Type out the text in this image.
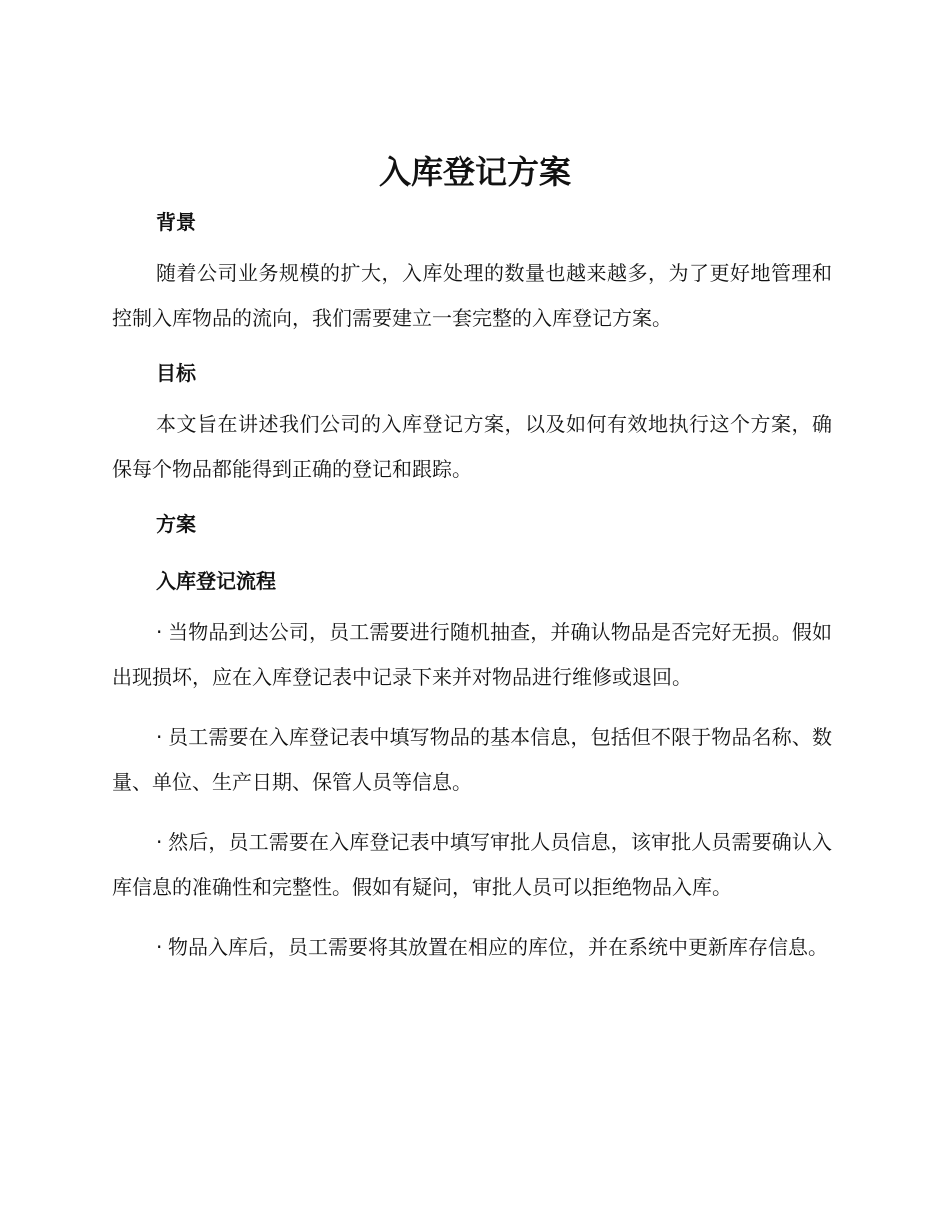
入库登记方案
背景

随着公司业务规模的扩大，入库处理的数量也越来越多，为了更好地管理和控制入库物品的流向，我们需要建立一套完整的入库登记方案。

目标

本文旨在讲述我们公司的入库登记方案，以及如何有效地执行这个方案，确保每个物品都能得到正确的登记和跟踪。

方案
入库登记流程

· 当物品到达公司，员工需要进行随机抽查，并确认物品是否完好无损。假如出现损坏，应在入库登记表中记录下来并对物品进行维修或退回。

· 员工需要在入库登记表中填写物品的基本信息，包括但不限于物品名称、数量、单位、生产日期、保管人员等信息。

· 然后，员工需要在入库登记表中填写审批人员信息，该审批人员需要确认入库信息的准确性和完整性。假如有疑问，审批人员可以拒绝物品入库。

· 物品入库后，员工需要将其放置在相应的库位，并在系统中更新库存信息。
